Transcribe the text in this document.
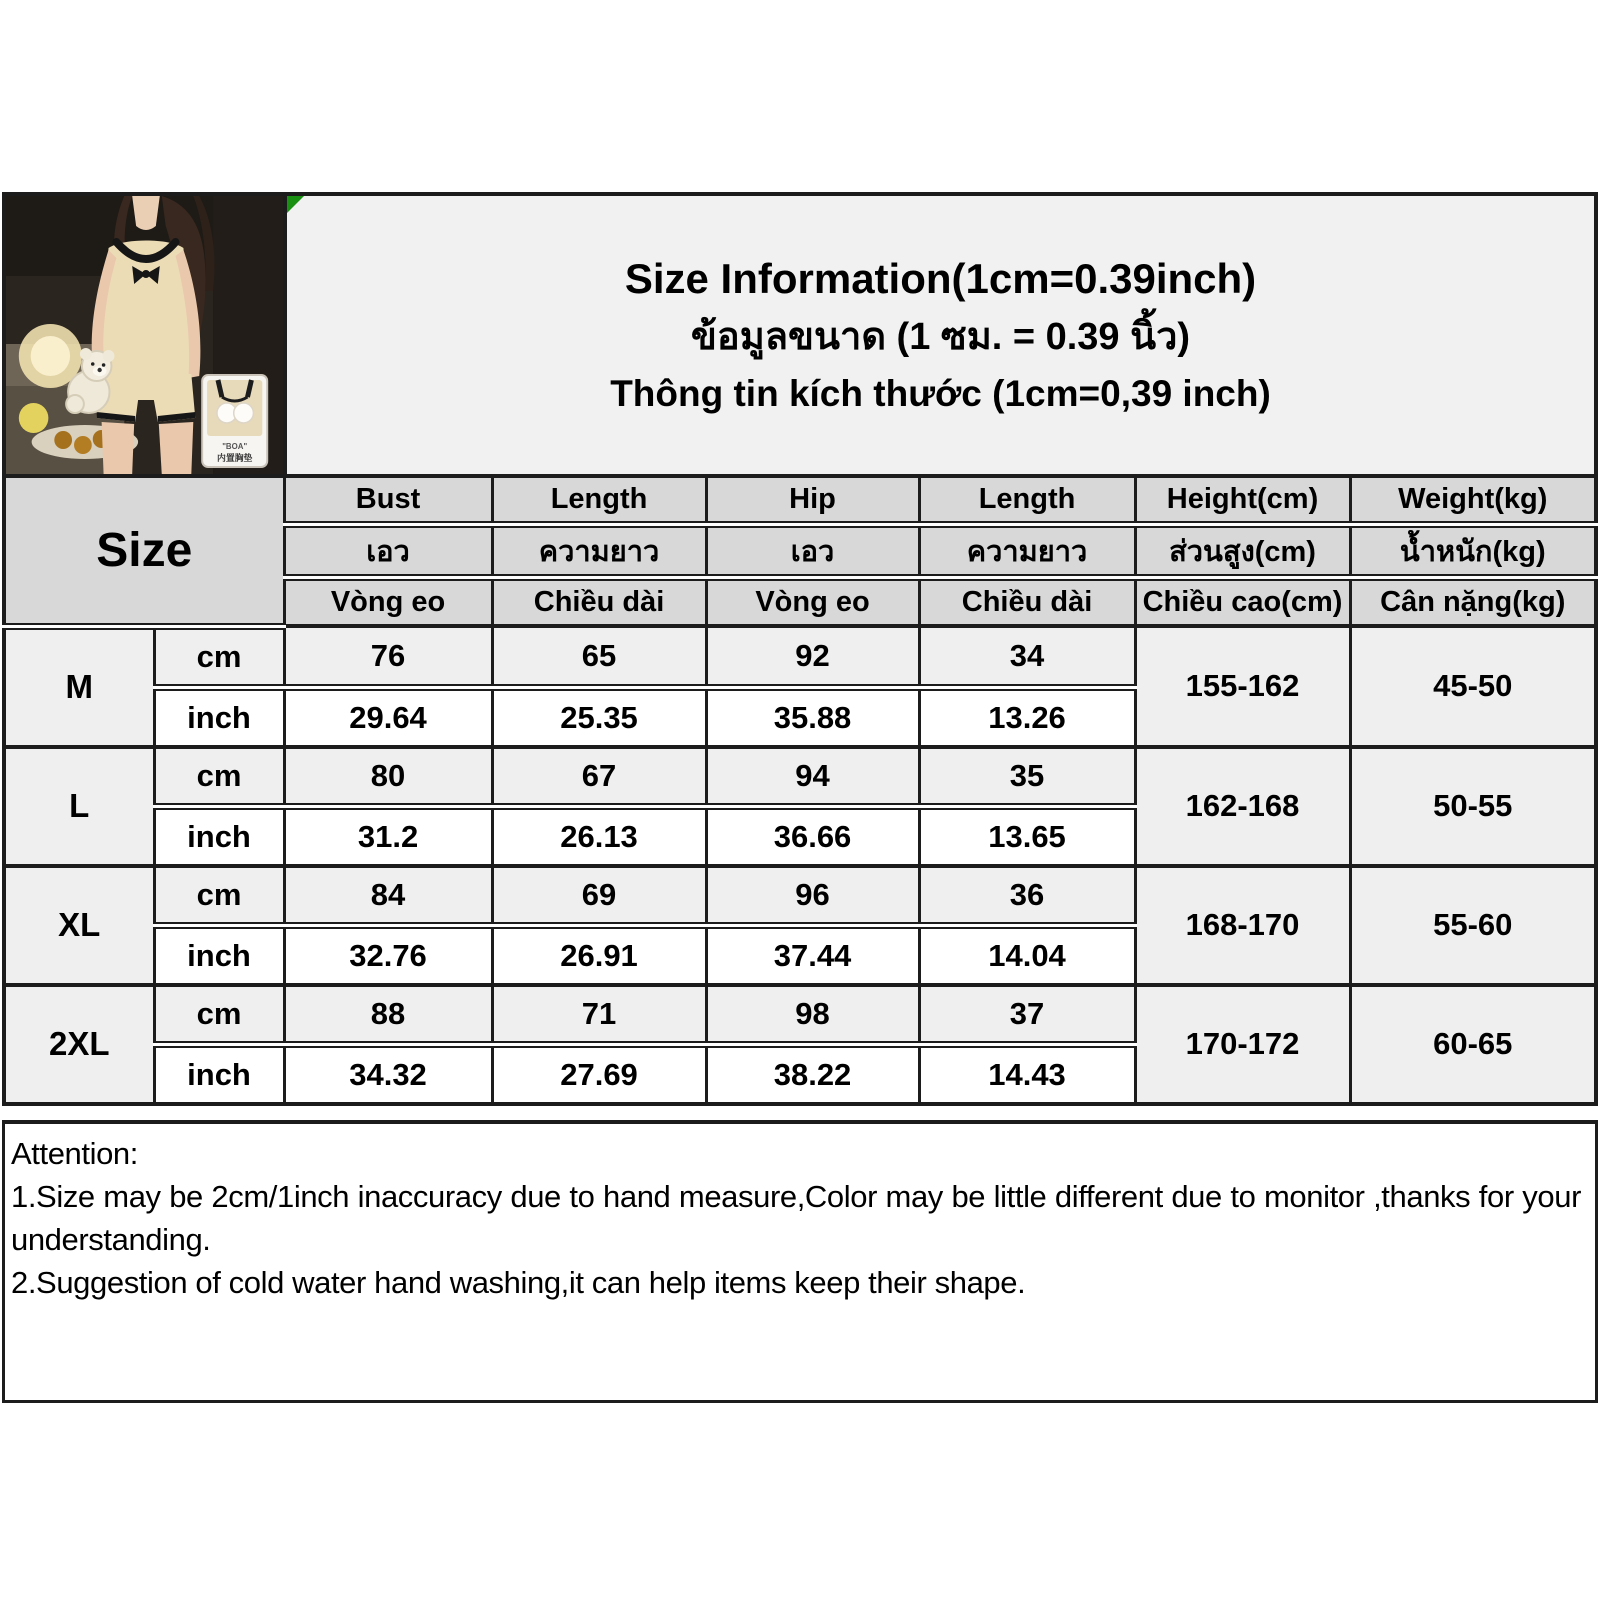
"BOA"
内置胸垫
Size Information(1cm=0.39inch)
ข้อมูลขนาด (1 ซม. = 0.39 นิ้ว)
Thông tin kích thước (1cm=0,39 inch)
Size		Bust	Length	Hip	Length	Height(cm)	Weight(kg)
		เอว	ความยาว	เอว	ความยาว	ส่วนสูง(cm)	น้ำหนัก(kg)
		Vòng eo	Chiều dài	Vòng eo	Chiều dài	Chiều cao(cm)	Cân nặng(kg)
M	cm	76	65	92	34	155-162	45-50
	inch	29.64	25.35	35.88	13.26		
L	cm	80	67	94	35	162-168	50-55
	inch	31.2	26.13	36.66	13.65		
XL	cm	84	69	96	36	168-170	55-60
	inch	32.76	26.91	37.44	14.04		
2XL	cm	88	71	98	37	170-172	60-65
	inch	34.32	27.69	38.22	14.43		

Attention:

1.Size may be 2cm/1inch inaccuracy due to hand measure,Color may be little different due to monitor ,thanks for your understanding.

2.Suggestion of cold water hand washing,it can help items keep their shape.
